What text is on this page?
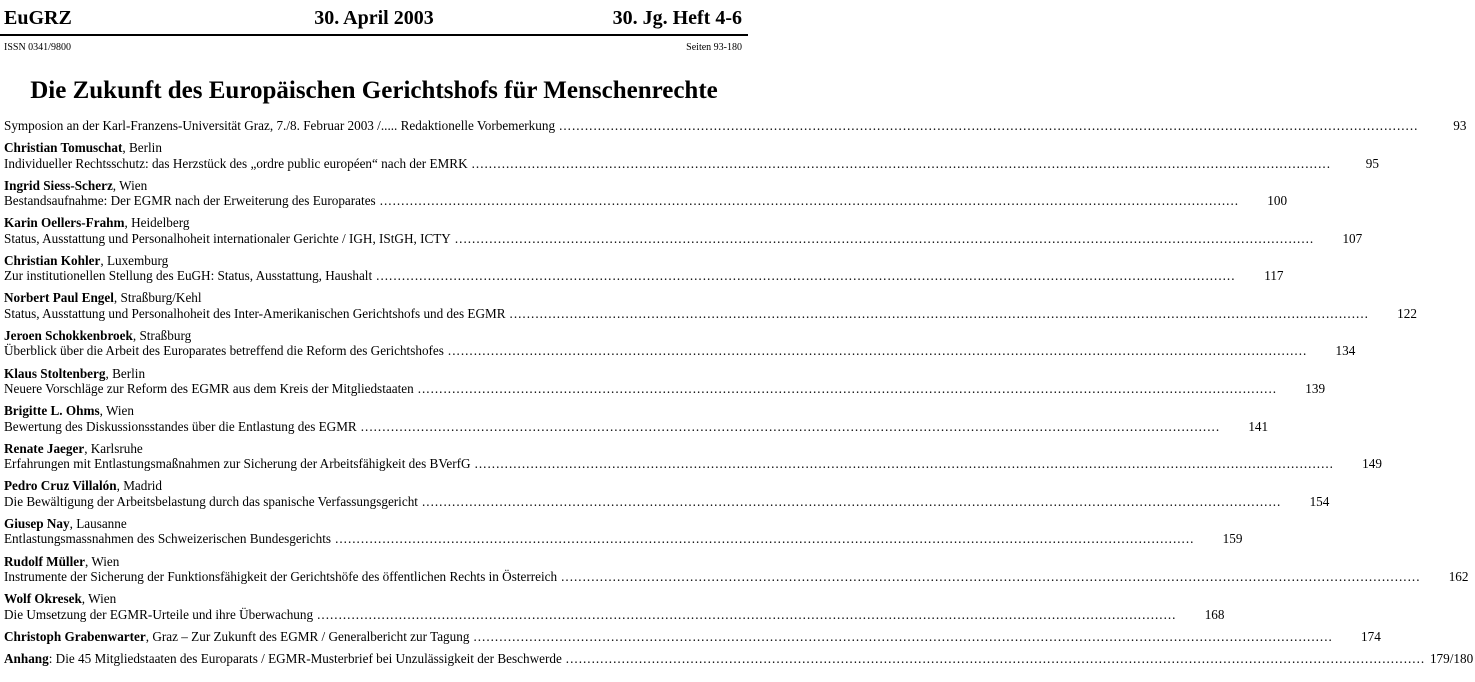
EuGRZ	30. April 2003	30. Jg. Heft 4-6
ISSN 0341/9800	Seiten 93-180
Die Zukunft des Europäischen Gerichtshofs für Menschenrechte
Symposion an der Karl-Franzens-Universität Graz, 7./8. Februar 2003 /..... Redaktionelle Vorbemerkung ........................................................................................................................................................................................................	93
Christian Tomuschat, Berlin
Individueller Rechtsschutz: das Herzstück des „ordre public européen“ nach der EMRK ........................................................................................................................................................................................................	95
Ingrid Siess-Scherz, Wien
Bestandsaufnahme: Der EGMR nach der Erweiterung des Europarates ........................................................................................................................................................................................................	100
Karin Oellers-Frahm, Heidelberg
Status, Ausstattung und Personalhoheit internationaler Gerichte / IGH, IStGH, ICTY ........................................................................................................................................................................................................	107
Christian Kohler, Luxemburg
Zur institutionellen Stellung des EuGH: Status, Ausstattung, Haushalt ........................................................................................................................................................................................................	117
Norbert Paul Engel, Straßburg/Kehl
Status, Ausstattung und Personalhoheit des Inter-Amerikanischen Gerichtshofs und des EGMR ........................................................................................................................................................................................................	122
Jeroen Schokkenbroek, Straßburg
Überblick über die Arbeit des Europarates betreffend die Reform des Gerichtshofes ........................................................................................................................................................................................................	134
Klaus Stoltenberg, Berlin
Neuere Vorschläge zur Reform des EGMR aus dem Kreis der Mitgliedstaaten ........................................................................................................................................................................................................	139
Brigitte L. Ohms, Wien
Bewertung des Diskussionsstandes über die Entlastung des EGMR ........................................................................................................................................................................................................	141
Renate Jaeger, Karlsruhe
Erfahrungen mit Entlastungsmaßnahmen zur Sicherung der Arbeitsfähigkeit des BVerfG ........................................................................................................................................................................................................	149
Pedro Cruz Villalón, Madrid
Die Bewältigung der Arbeitsbelastung durch das spanische Verfassungsgericht ........................................................................................................................................................................................................	154
Giusep Nay, Lausanne
Entlastungsmassnahmen des Schweizerischen Bundesgerichts ........................................................................................................................................................................................................	159
Rudolf Müller, Wien
Instrumente der Sicherung der Funktionsfähigkeit der Gerichtshöfe des öffentlichen Rechts in Österreich ........................................................................................................................................................................................................	162
Wolf Okresek, Wien
Die Umsetzung der EGMR-Urteile und ihre Überwachung ........................................................................................................................................................................................................	168
Christoph Grabenwarter, Graz – Zur Zukunft des EGMR / Generalbericht zur Tagung ........................................................................................................................................................................................................	174
Anhang: Die 45 Mitgliedstaaten des Europarats / EGMR-Musterbrief bei Unzulässigkeit der Beschwerde ........................................................................................................................................................................................................ 179/180
